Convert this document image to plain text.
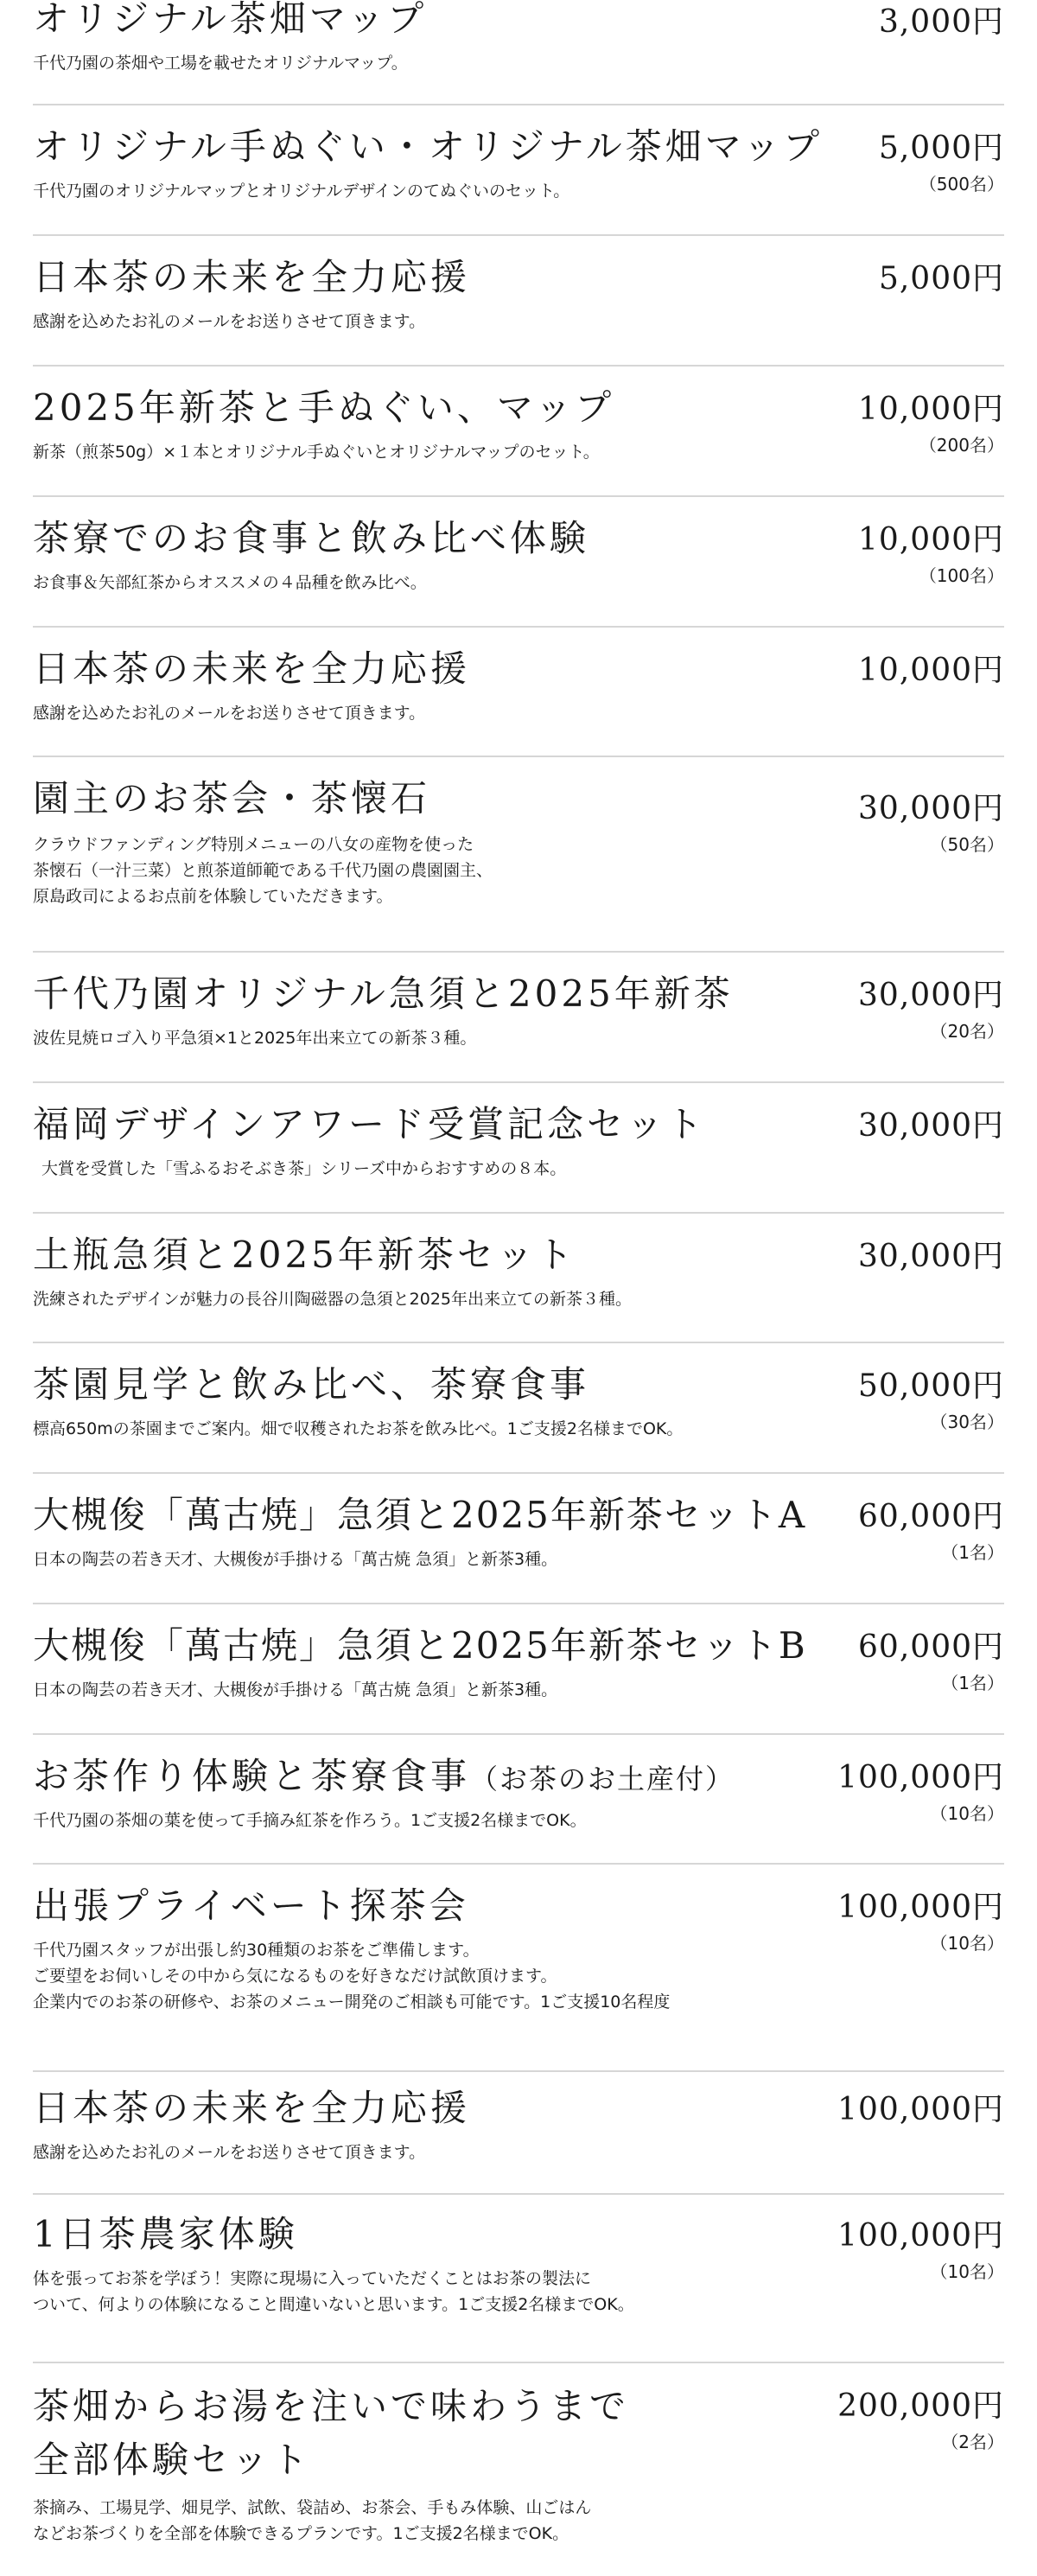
オリジナル茶畑マップ
千代乃園の茶畑や工場を載せたオリジナルマップ。
3,000円
オリジナル手ぬぐい・オリジナル茶畑マップ
千代乃園のオリジナルマップとオリジナルデザインのてぬぐいのセット。
5,000円
（500名）
日本茶の未来を全力応援
感謝を込めたお礼のメールをお送りさせて頂きます。
5,000円
2025年新茶と手ぬぐい、マップ
新茶（煎茶50g）×１本とオリジナル手ぬぐいとオリジナルマップのセット。
10,000円
（200名）
茶寮でのお食事と飲み比べ体験
お食事＆矢部紅茶からオススメの４品種を飲み比べ。
10,000円
（100名）
日本茶の未来を全力応援
感謝を込めたお礼のメールをお送りさせて頂きます。
10,000円
園主のお茶会・茶懐石
クラウドファンディング特別メニューの八女の産物を使った
茶懐石（一汁三菜）と煎茶道師範である千代乃園の農園園主、
原島政司によるお点前を体験していただきます。
30,000円
（50名）
千代乃園オリジナル急須と2025年新茶
波佐見焼ロゴ入り平急須×1と2025年出来立ての新茶３種。
30,000円
（20名）
福岡デザインアワード受賞記念セット
大賞を受賞した「雪ふるおそぶき茶」シリーズ中からおすすめの８本。
30,000円
土瓶急須と2025年新茶セット
洗練されたデザインが魅力の長谷川陶磁器の急須と2025年出来立ての新茶３種。
30,000円
茶園見学と飲み比べ、茶寮食事
標高650mの茶園までご案内。畑で収穫されたお茶を飲み比べ。1ご支援2名様までOK。
50,000円
（30名）
大槻俊「萬古焼」急須と2025年新茶セットA
日本の陶芸の若き天才、大槻俊が手掛ける「萬古焼 急須」と新茶3種。
60,000円
（1名）
大槻俊「萬古焼」急須と2025年新茶セットB
日本の陶芸の若き天才、大槻俊が手掛ける「萬古焼 急須」と新茶3種。
60,000円
（1名）
お茶作り体験と茶寮食事（お茶のお土産付）
千代乃園の茶畑の葉を使って手摘み紅茶を作ろう。1ご支援2名様までOK。
100,000円
（10名）
出張プライベート探茶会
千代乃園スタッフが出張し約30種類のお茶をご準備します。
ご要望をお伺いしその中から気になるものを好きなだけ試飲頂けます。
企業内でのお茶の研修や、お茶のメニュー開発のご相談も可能です。1ご支援10名程度
100,000円
（10名）
日本茶の未来を全力応援
感謝を込めたお礼のメールをお送りさせて頂きます。
100,000円
1日茶農家体験
体を張ってお茶を学ぼう！実際に現場に入っていただくことはお茶の製法に
ついて、何よりの体験になること間違いないと思います。1ご支援2名様までOK。
100,000円
（10名）
茶畑からお湯を注いで味わうまで
全部体験セット
茶摘み、工場見学、畑見学、試飲、袋詰め、お茶会、手もみ体験、山ごはん
などお茶づくりを全部を体験できるプランです。1ご支援2名様までOK。
200,000円
（2名）
